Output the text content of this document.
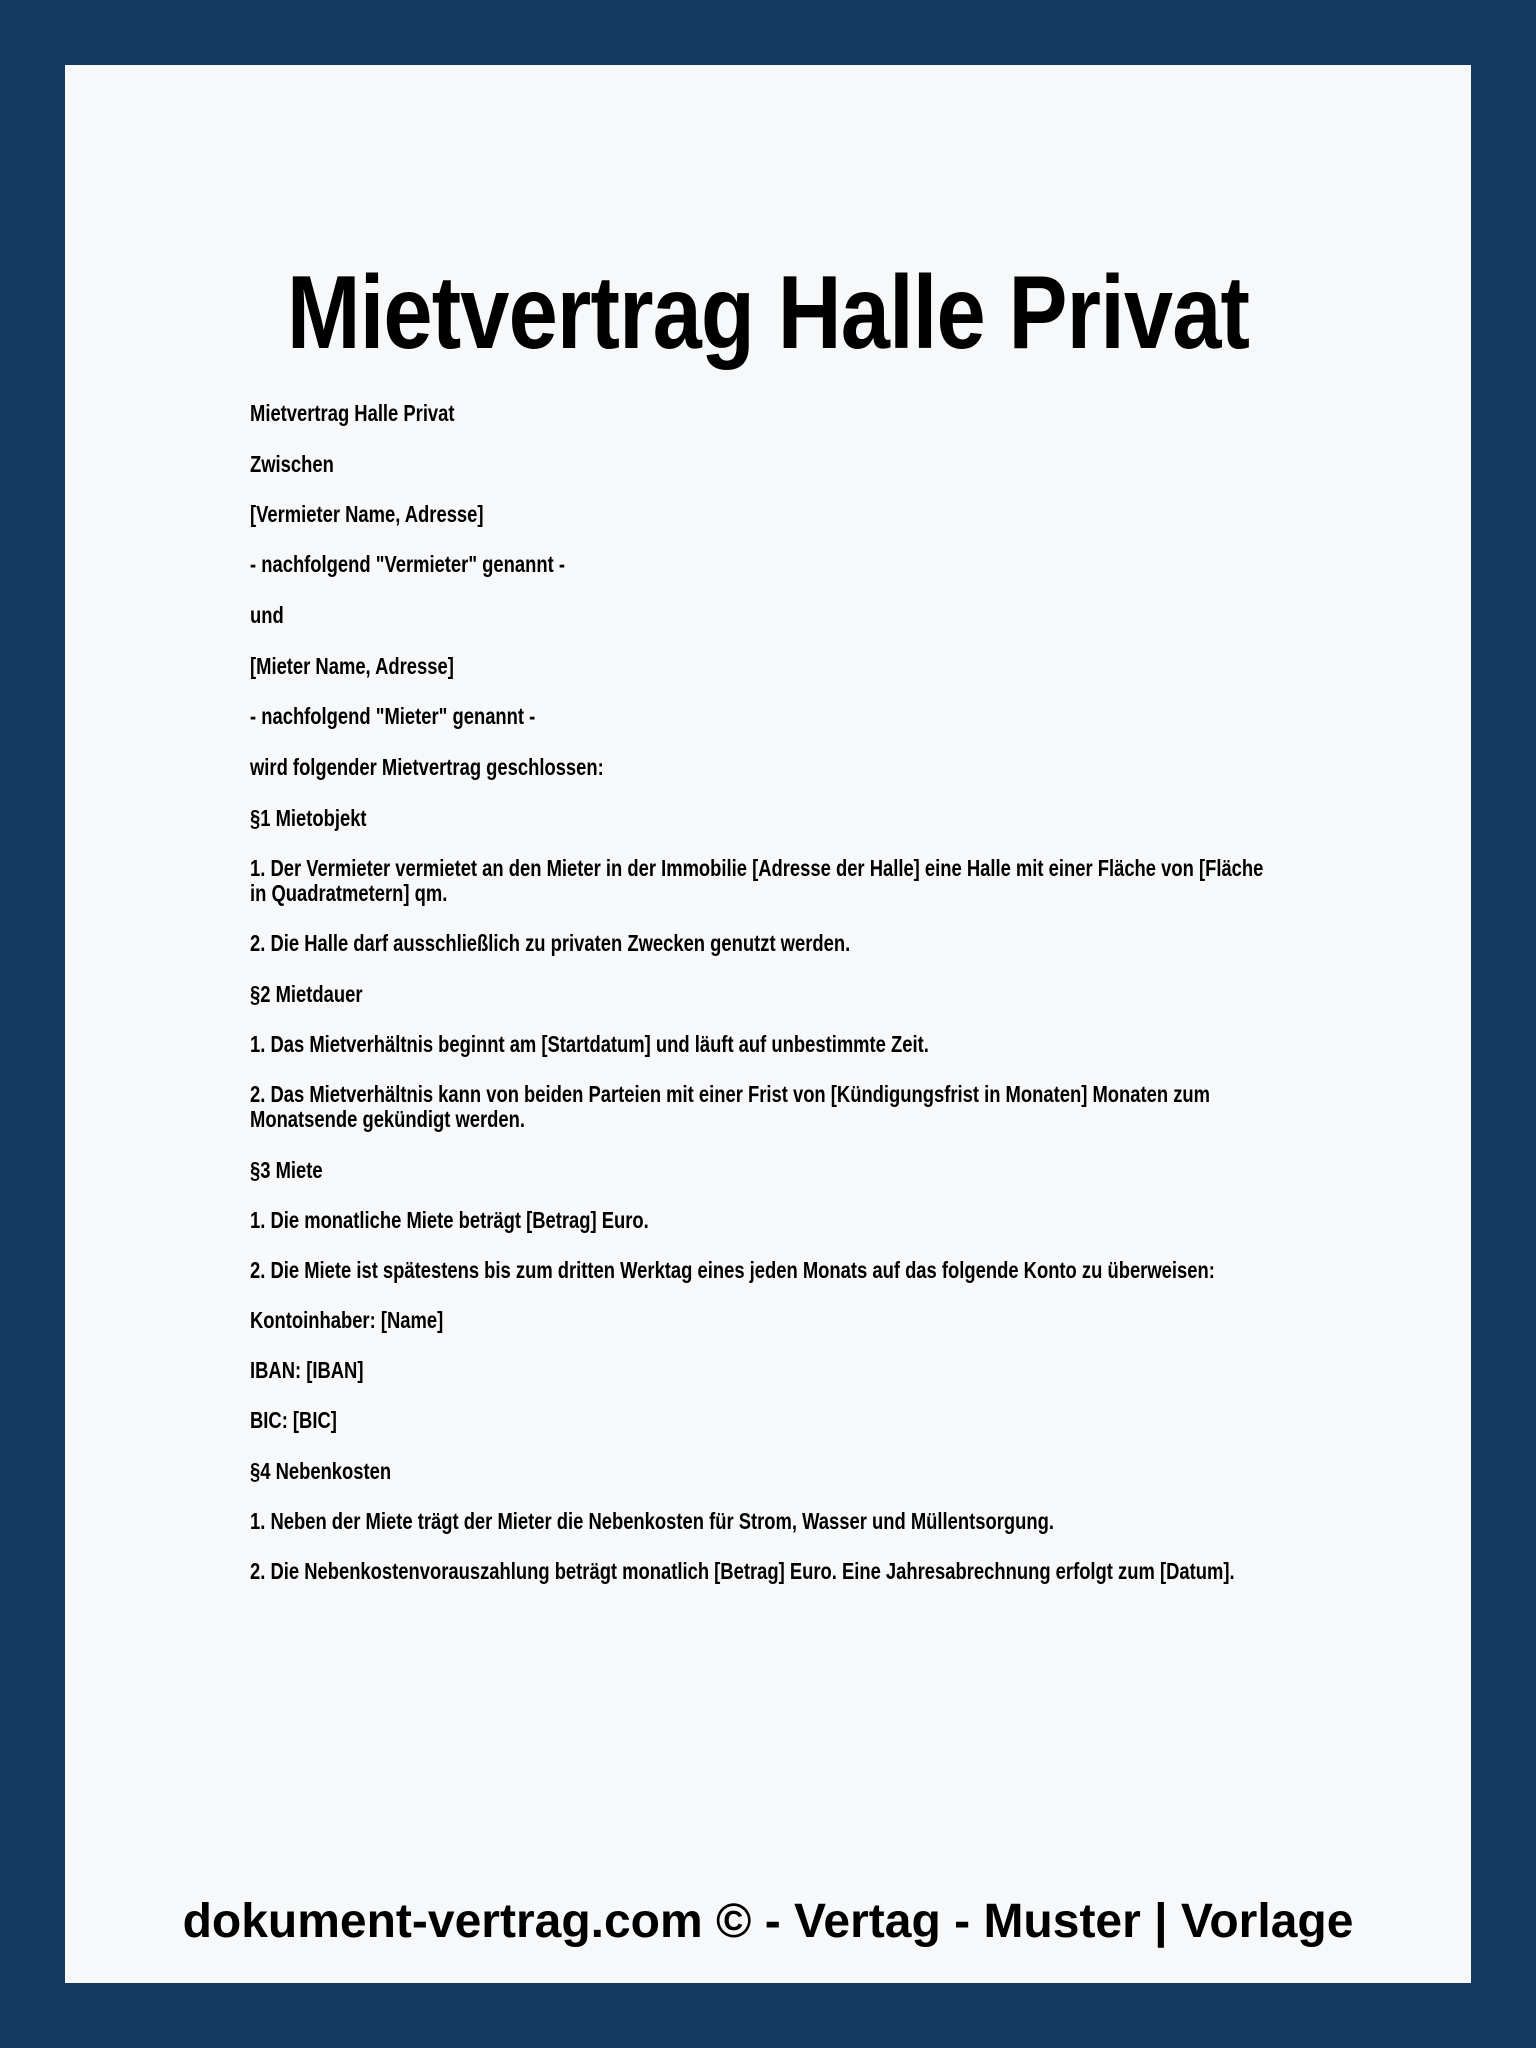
Mietvertrag Halle Privat

Mietvertrag Halle Privat

Zwischen

[Vermieter Name, Adresse]

- nachfolgend "Vermieter" genannt -

und

[Mieter Name, Adresse]

- nachfolgend "Mieter" genannt -

wird folgender Mietvertrag geschlossen:

§1 Mietobjekt

1. Der Vermieter vermietet an den Mieter in der Immobilie [Adresse der Halle] eine Halle mit einer Fläche von [Fläche in Quadratmetern] qm.

2. Die Halle darf ausschließlich zu privaten Zwecken genutzt werden.

§2 Mietdauer

1. Das Mietverhältnis beginnt am [Startdatum] und läuft auf unbestimmte Zeit.

2. Das Mietverhältnis kann von beiden Parteien mit einer Frist von [Kündigungsfrist in Monaten] Monaten zum Monatsende gekündigt werden.

§3 Miete

1. Die monatliche Miete beträgt [Betrag] Euro.

2. Die Miete ist spätestens bis zum dritten Werktag eines jeden Monats auf das folgende Konto zu überweisen:

Kontoinhaber: [Name]

IBAN: [IBAN]

BIC: [BIC]

§4 Nebenkosten

1. Neben der Miete trägt der Mieter die Nebenkosten für Strom, Wasser und Müllentsorgung.

2. Die Nebenkostenvorauszahlung beträgt monatlich [Betrag] Euro. Eine Jahresabrechnung erfolgt zum [Datum].

dokument-vertrag.com © - Vertag - Muster | Vorlage
